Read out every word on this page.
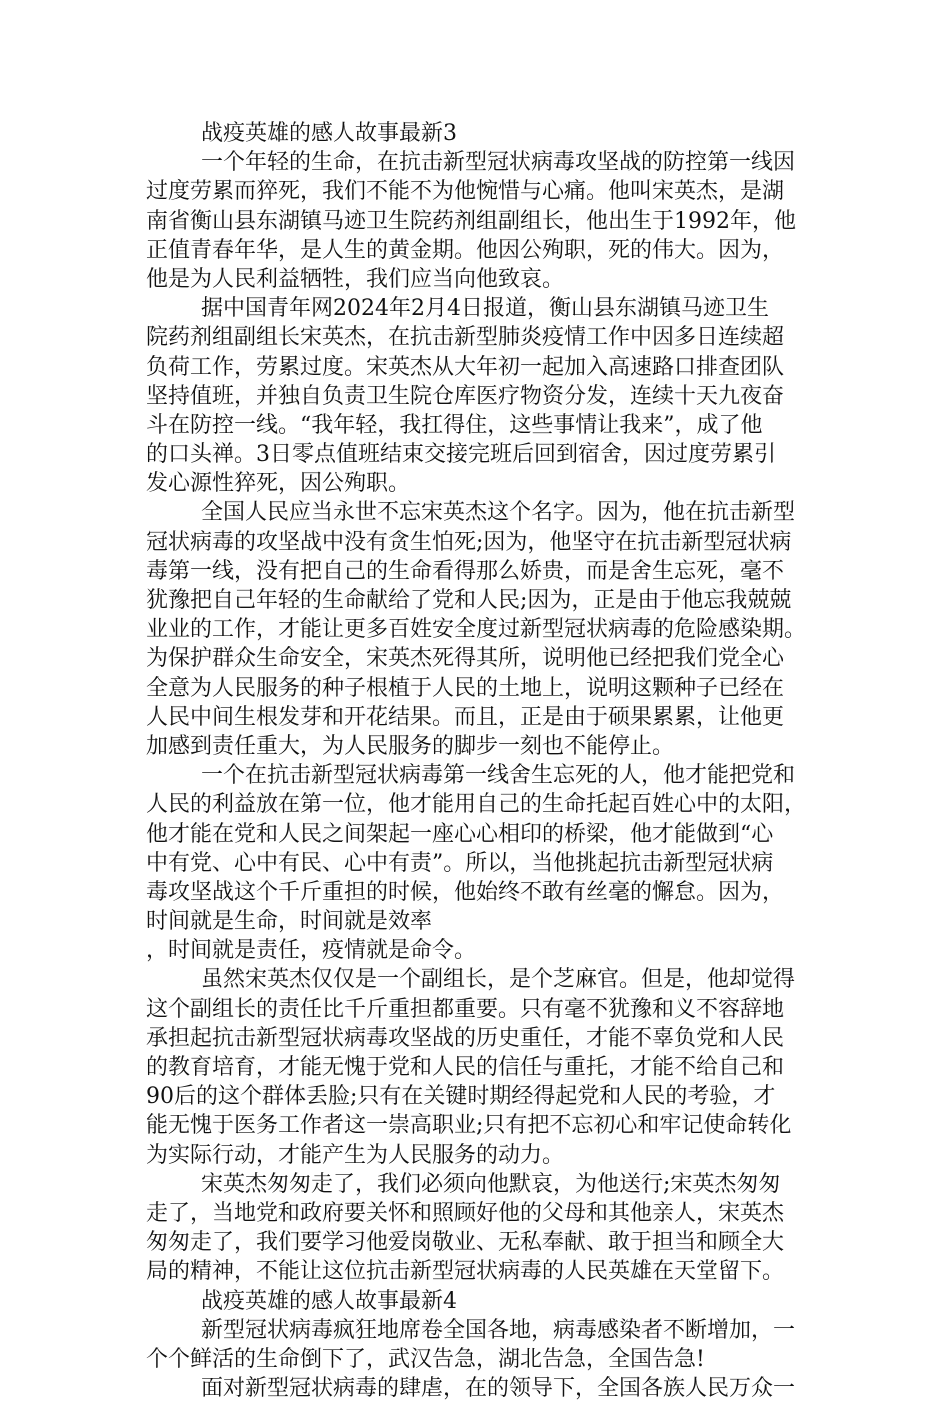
战疫英雄的感人故事最新3
一个年轻的生命，在抗击新型冠状病毒攻坚战的防控第一线因
过度劳累而猝死，我们不能不为他惋惜与心痛。他叫宋英杰，是湖
南省衡山县东湖镇马迹卫生院药剂组副组长，他出生于1992年，他
正值青春年华，是人生的黄金期。他因公殉职，死的伟大。因为，
他是为人民利益牺牲，我们应当向他致哀。
据中国青年网2024年2月4日报道，衡山县东湖镇马迹卫生
院药剂组副组长宋英杰，在抗击新型肺炎疫情工作中因多日连续超
负荷工作，劳累过度。宋英杰从大年初一起加入高速路口排查团队
坚持值班，并独自负责卫生院仓库医疗物资分发，连续十天九夜奋
斗在防控一线。“我年轻，我扛得住，这些事情让我来”，成了他
的口头禅。3日零点值班结束交接完班后回到宿舍，因过度劳累引
发心源性猝死，因公殉职。
全国人民应当永世不忘宋英杰这个名字。因为，他在抗击新型
冠状病毒的攻坚战中没有贪生怕死;因为，他坚守在抗击新型冠状病
毒第一线，没有把自己的生命看得那么娇贵，而是舍生忘死，毫不
犹豫把自己年轻的生命献给了党和人民;因为，正是由于他忘我兢兢
业业的工作，才能让更多百姓安全度过新型冠状病毒的危险感染期。
为保护群众生命安全，宋英杰死得其所，说明他已经把我们党全心
全意为人民服务的种子根植于人民的土地上，说明这颗种子已经在
人民中间生根发芽和开花结果。而且，正是由于硕果累累，让他更
加感到责任重大，为人民服务的脚步一刻也不能停止。
一个在抗击新型冠状病毒第一线舍生忘死的人，他才能把党和
人民的利益放在第一位，他才能用自己的生命托起百姓心中的太阳，
他才能在党和人民之间架起一座心心相印的桥梁，他才能做到“心
中有党、心中有民、心中有责”。所以，当他挑起抗击新型冠状病
毒攻坚战这个千斤重担的时候，他始终不敢有丝毫的懈怠。因为，
时间就是生命，时间就是效率
，时间就是责任，疫情就是命令。
虽然宋英杰仅仅是一个副组长，是个芝麻官。但是，他却觉得
这个副组长的责任比千斤重担都重要。只有毫不犹豫和义不容辞地
承担起抗击新型冠状病毒攻坚战的历史重任，才能不辜负党和人民
的教育培育，才能无愧于党和人民的信任与重托，才能不给自己和
90后的这个群体丢脸;只有在关键时期经得起党和人民的考验，才
能无愧于医务工作者这一崇高职业;只有把不忘初心和牢记使命转化
为实际行动，才能产生为人民服务的动力。
宋英杰匆匆走了，我们必须向他默哀，为他送行;宋英杰匆匆
走了，当地党和政府要关怀和照顾好他的父母和其他亲人，宋英杰
匆匆走了，我们要学习他爱岗敬业、无私奉献、敢于担当和顾全大
局的精神，不能让这位抗击新型冠状病毒的人民英雄在天堂留下。
战疫英雄的感人故事最新4
新型冠状病毒疯狂地席卷全国各地，病毒感染者不断增加，一
个个鲜活的生命倒下了，武汉告急，湖北告急，全国告急!
面对新型冠状病毒的肆虐，在的领导下，全国各族人民万众一
